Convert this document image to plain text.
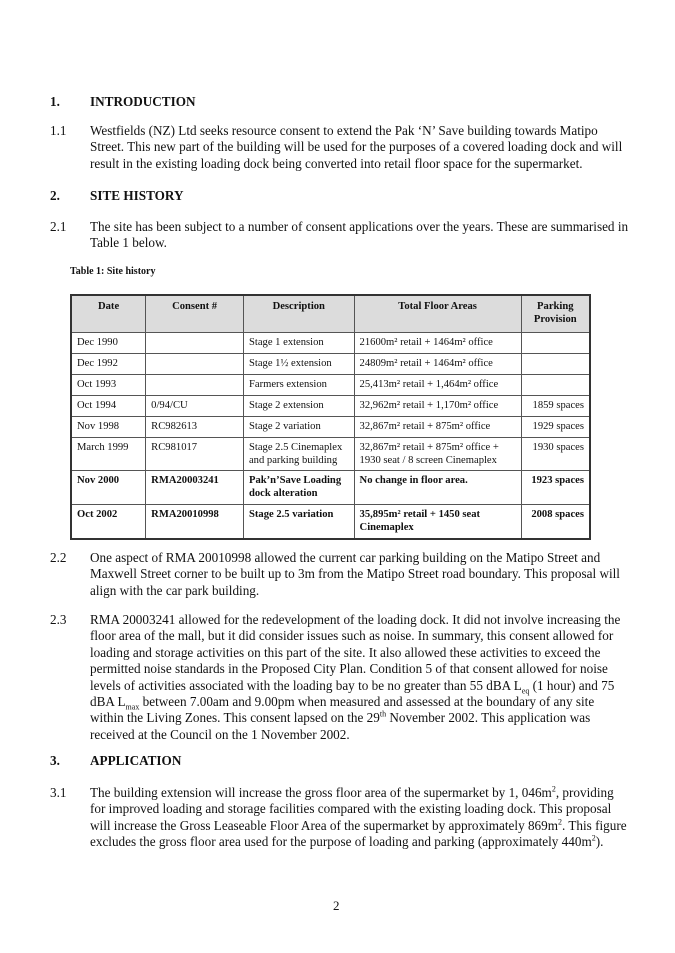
1. INTRODUCTION
1.1 Westfields (NZ) Ltd seeks resource consent to extend the Pak ‘N’ Save building towards Matipo Street. This new part of the building will be used for the purposes of a covered loading dock and will result in the existing loading dock being converted into retail floor space for the supermarket.
2. SITE HISTORY
2.1 The site has been subject to a number of consent applications over the years. These are summarised in Table 1 below.
Table 1: Site history
Date	Consent #	Description	Total Floor Areas	Parking Provision
Dec 1990		Stage 1 extension	21600m² retail + 1464m² office	
Dec 1992		Stage 1½ extension	24809m² retail + 1464m² office	
Oct 1993		Farmers extension	25,413m² retail + 1,464m² office	
Oct 1994	0/94/CU	Stage 2 extension	32,962m² retail + 1,170m² office	1859 spaces
Nov 1998	RC982613	Stage 2 variation	32,867m² retail + 875m² office	1929 spaces
March 1999	RC981017	Stage 2.5 Cinemaplex and parking building	32,867m² retail + 875m² office + 1930 seat / 8 screen Cinemaplex	1930 spaces
Nov 2000	RMA20003241	Pak’n’Save Loading dock alteration	No change in floor area.	1923 spaces
Oct 2002	RMA20010998	Stage 2.5 variation	35,895m² retail + 1450 seat Cinemaplex	2008 spaces
2.2 One aspect of RMA 20010998 allowed the current car parking building on the Matipo Street and Maxwell Street corner to be built up to 3m from the Matipo Street road boundary. This proposal will align with the car park building.
2.3 RMA 20003241 allowed for the redevelopment of the loading dock. It did not involve increasing the floor area of the mall, but it did consider issues such as noise. In summary, this consent allowed for loading and storage activities on this part of the site. It also allowed these activities to exceed the permitted noise standards in the Proposed City Plan. Condition 5 of that consent allowed for noise levels of activities associated with the loading bay to be no greater than 55 dBA $L_{eq}$ (1 hour) and 75 dBA $L_{max}$ between 7.00am and 9.00pm when measured and assessed at the boundary of any site within the Living Zones. This consent lapsed on the 29th November 2002. This application was received at the Council on the 1 November 2002.
3. APPLICATION
3.1 The building extension will increase the gross floor area of the supermarket by 1, $046m^2$, providing for improved loading and storage facilities compared with the existing loading dock. This proposal will increase the Gross Leaseable Floor Area of the supermarket by approximately $869m^2$. This figure excludes the gross floor area used for the purpose of loading and parking (approximately $440m^2$).
2
